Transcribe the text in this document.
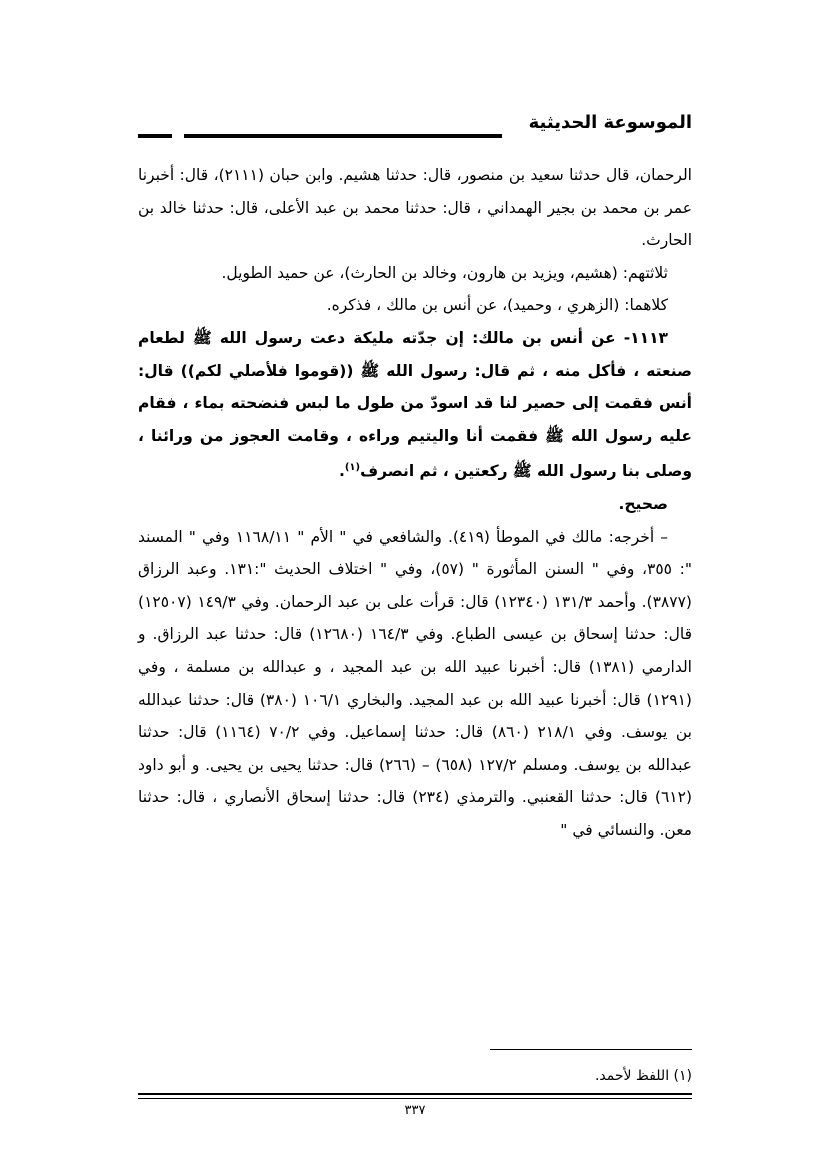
الموسوعة الحديثية

الرحمان، قال حدثنا سعيد بن منصور، قال: حدثنا هشيم. وابن حبان (٢١١١)، قال: أخبرنا عمر بن محمد بن بجير الهمداني ، قال: حدثنا محمد بن عبد الأعلى، قال: حدثنا خالد بن الحارث.

ثلاثتهم: (هشيم، ويزيد بن هارون، وخالد بن الحارث)، عن حميد الطويل.

كلاهما: (الزهري ، وحميد)، عن أنس بن مالك ، فذكره.

١١١٣- عن أنس بن مالك: إن جدّته مليكة دعت رسول الله ﷺ لطعام صنعته ، فأكل منه ، ثم قال: رسول الله ﷺ ((قوموا فلأصلي لكم)) قال: أنس فقمت إلى حصير لنا قد اسودّ من طول ما لبس فنضحته بماء ، فقام عليه رسول الله ﷺ فقمت أنا واليتيم وراءه ، وقامت العجوز من ورائنا ، وصلى بنا رسول الله ﷺ ركعتين ، ثم انصرف$^{(١)}$.

صحيح.

– أخرجه: مالك في الموطأ (٤١٩). والشافعي في " الأم " ١١٦٨/١١ وفي " المسند ": ٣٥٥، وفي " السنن المأثورة " (٥٧)، وفي " اختلاف الحديث ":١٣١. وعبد الرزاق (٣٨٧٧). وأحمد ١٣١/٣ (١٢٣٤٠) قال: قرأت على بن عبد الرحمان. وفي ١٤٩/٣ (١٢٥٠٧) قال: حدثنا إسحاق بن عيسى الطباع. وفي ١٦٤/٣ (١٢٦٨٠) قال: حدثنا عبد الرزاق. و الدارمي (١٣٨١) قال: أخبرنا عبيد الله بن عبد المجيد ، و عبدالله بن مسلمة ، وفي (١٢٩١) قال: أخبرنا عبيد الله بن عبد المجيد. والبخاري ١٠٦/١ (٣٨٠) قال: حدثنا عبدالله بن يوسف. وفي ٢١٨/١ (٨٦٠) قال: حدثنا إسماعيل. وفي ٧٠/٢ (١١٦٤) قال: حدثنا عبدالله بن يوسف. ومسلم ١٢٧/٢ (٦٥٨) – (٢٦٦) قال: حدثنا يحيى بن يحيى. و أبو داود (٦١٢) قال: حدثنا القعنبي. والترمذي (٢٣٤) قال: حدثنا إسحاق الأنصاري ، قال: حدثنا معن. والنسائي في "

(١) اللفظ لأحمد.
٣٣٧
